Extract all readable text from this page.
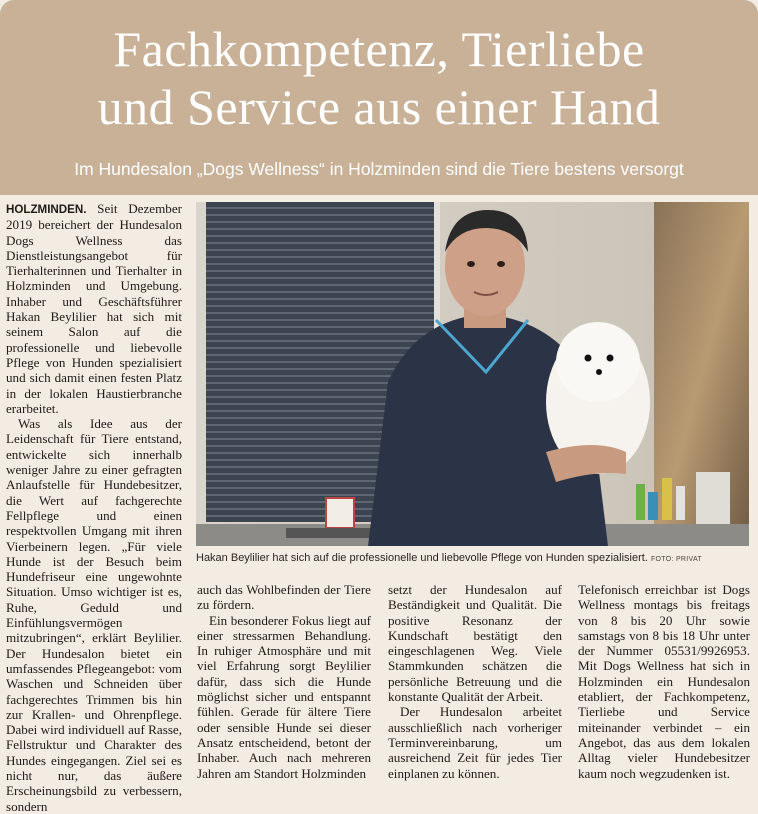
Fachkompetenz, Tierliebe
und Service aus einer Hand
Im Hundesalon „Dogs Wellness“ in Holzminden sind die Tiere bestens versorgt

HOLZMINDEN. Seit Dezember 2019 bereichert der Hundesalon Dogs Wellness das Dienstleistungsangebot für Tierhalterinnen und Tierhalter in Holzminden und Umgebung. Inhaber und Geschäftsführer Hakan Beylilier hat sich mit seinem Salon auf die professionelle und liebevolle Pflege von Hunden spezialisiert und sich damit einen festen Platz in der lokalen Haustierbranche erarbeitet.

Was als Idee aus der Leidenschaft für Tiere entstand, entwickelte sich innerhalb weniger Jahre zu einer gefragten Anlaufstelle für Hundebesitzer, die Wert auf fachgerechte Fellpflege und einen respektvollen Umgang mit ihren Vierbeinern legen. „Für viele Hunde ist der Besuch beim Hundefriseur eine ungewohnte Situation. Umso wichtiger ist es, Ruhe, Geduld und Einfühlungsvermögen mitzubringen“, erklärt Beylilier. Der Hundesalon bietet ein umfassendes Pflegeangebot: vom Waschen und Schneiden über fachgerechtes Trimmen bis hin zur Krallen- und Ohrenpflege. Dabei wird individuell auf Rasse, Fellstruktur und Charakter des Hundes eingegangen. Ziel sei es nicht nur, das äußere Erscheinungsbild zu verbessern, sondern

Hakan Beylilier hat sich auf die professionelle und liebevolle Pflege von Hunden spezialisiert. FOTO: PRIVAT

auch das Wohlbefinden der Tiere zu fördern.

Ein besonderer Fokus liegt auf einer stressarmen Behandlung. In ruhiger Atmosphäre und mit viel Erfahrung sorgt Beylilier dafür, dass sich die Hunde möglichst sicher und entspannt fühlen. Gerade für ältere Tiere oder sensible Hunde sei dieser Ansatz entscheidend, betont der Inhaber. Auch nach mehreren Jahren am Standort Holzminden

setzt der Hundesalon auf Beständigkeit und Qualität. Die positive Resonanz der Kundschaft bestätigt den eingeschlagenen Weg. Viele Stammkunden schätzen die persönliche Betreuung und die konstante Qualität der Arbeit.

Der Hundesalon arbeitet ausschließlich nach vorheriger Terminvereinbarung, um ausreichend Zeit für jedes Tier einplanen zu können.

Telefonisch erreichbar ist Dogs Wellness montags bis freitags von 8 bis 20 Uhr sowie samstags von 8 bis 18 Uhr unter der Nummer 05531/9926953. Mit Dogs Wellness hat sich in Holzminden ein Hundesalon etabliert, der Fachkompetenz, Tierliebe und Service miteinander verbindet – ein Angebot, das aus dem lokalen Alltag vieler Hundebesitzer kaum noch wegzudenken ist.
